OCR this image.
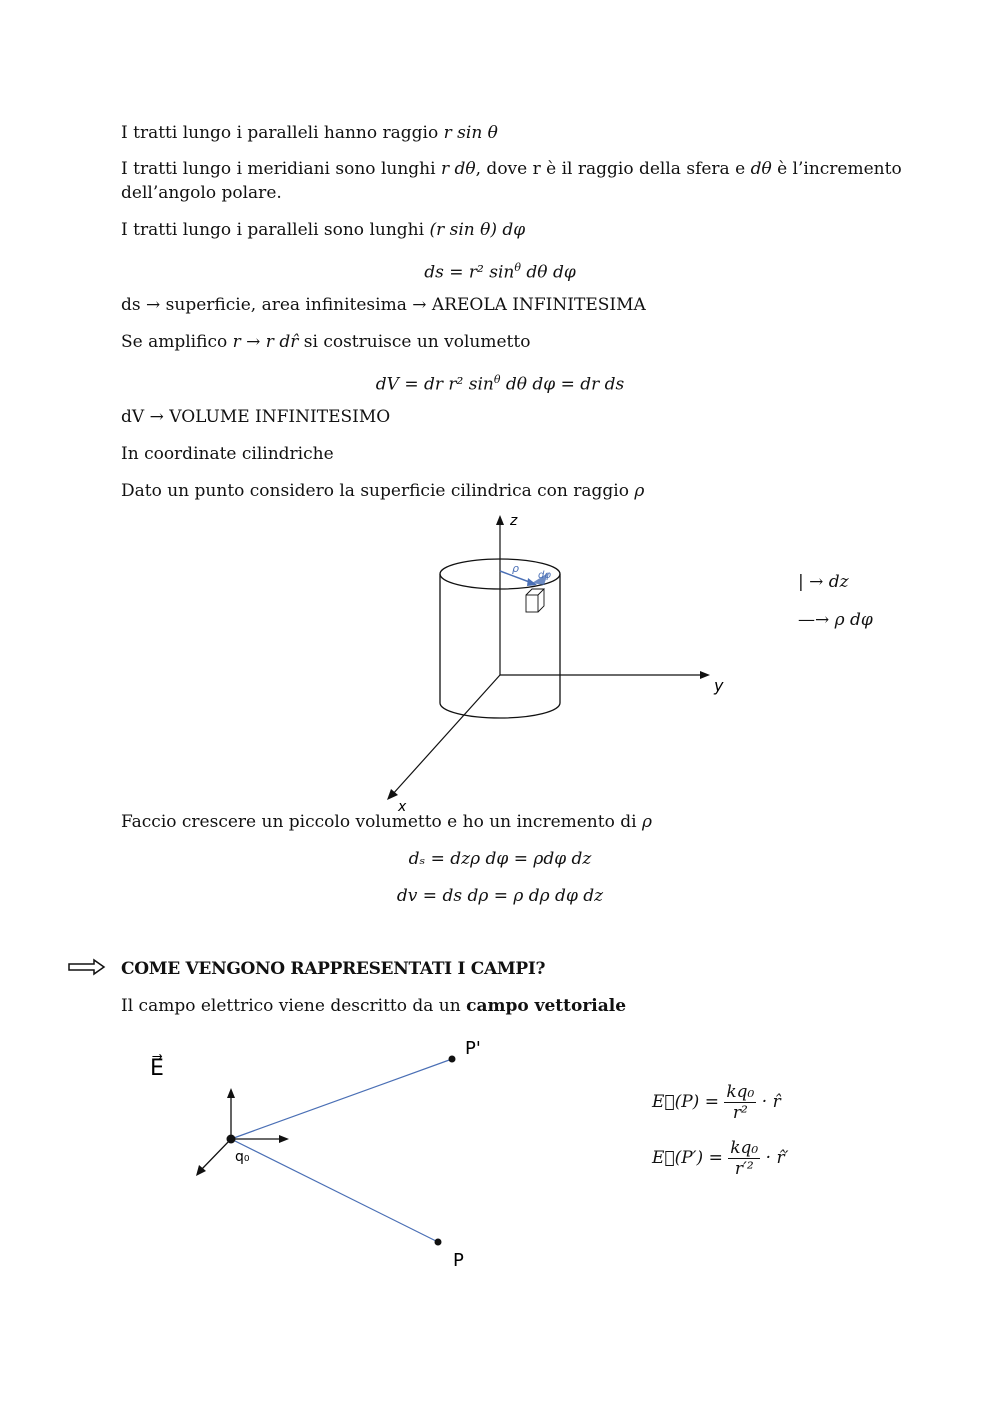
I tratti lungo i paralleli hanno raggio r sin θ
I tratti lungo i meridiani sono lunghi r dθ, dove r è il raggio della sfera e dθ è l’incremento
dell’angolo polare.
I tratti lungo i paralleli sono lunghi (r sin θ) dφ
ds = r² $\sin^\theta d\theta$ dφ
ds → superficie, area infinitesima → AREOLA INFINITESIMA
Se amplifico r → r dr̂ si costruisce un volumetto
dV = dr r² $\sin^\theta d\theta$ dφ = dr ds
dV → VOLUME INFINITESIMO
In coordinate cilindriche
Dato un punto considero la superficie cilindrica con raggio ρ
z
y
x
ρ
dφ	| → dz
—→ ρ dφ
Faccio crescere un piccolo volumetto e ho un incremento di ρ
dₛ = dzρ dφ = ρdφ dz
dv = ds dρ = ρ dρ dφ dz
COME VENGONO RAPPRESENTATI I CAMPI?
Il campo elettrico viene descritto da un campo vettoriale
E⃗
q₀
P'
P
E⃗(P) = $\frac{\text{kq₀}}{\text{r²}}$ · r̂
E⃗(P′) = $\frac{\text{kq₀}}{\text{r′²}}$ · r̂′
